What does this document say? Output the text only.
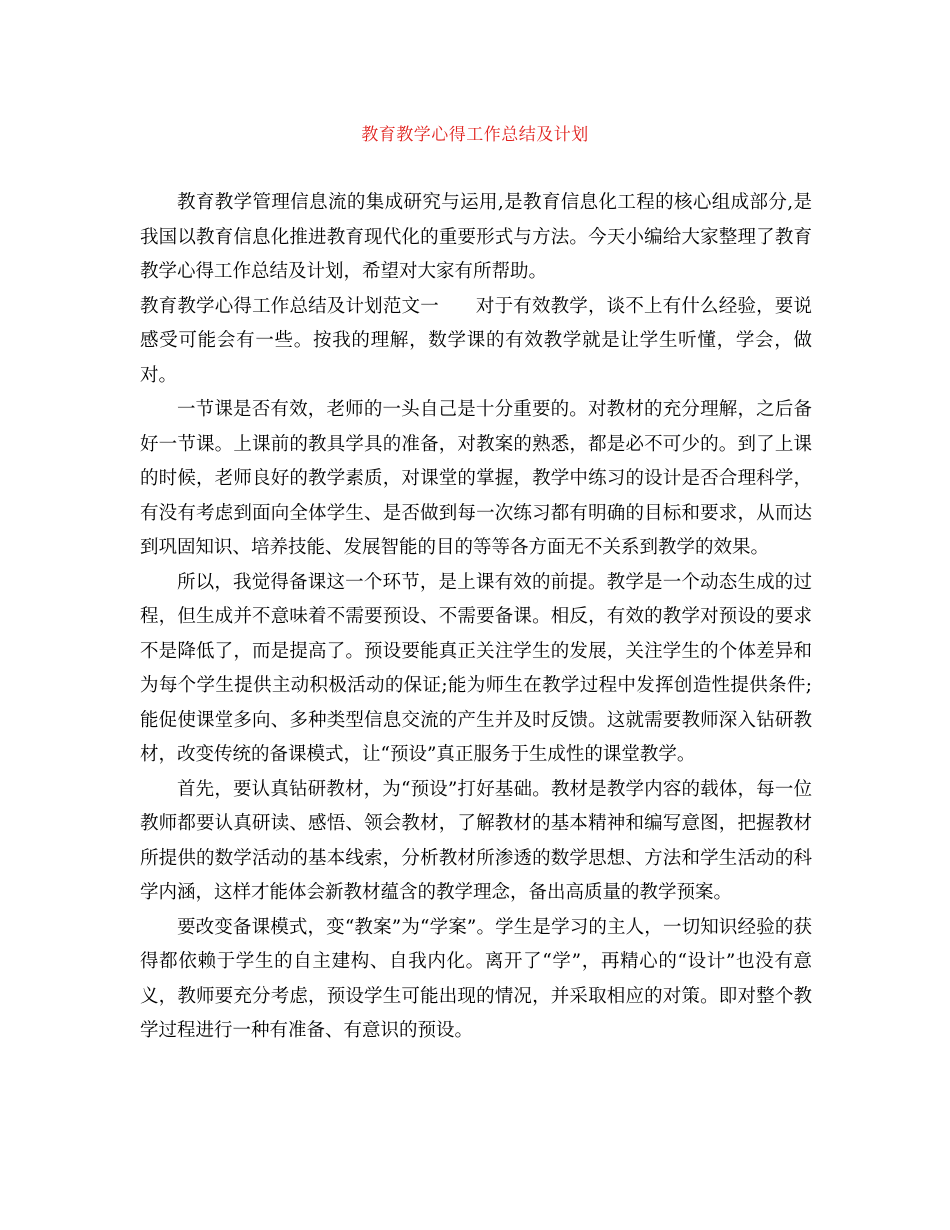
教育教学心得工作总结及计划

教育教学管理信息流的集成研究与运用,是教育信息化工程的核心组成部分,是我国以教育信息化推进教育现代化的重要形式与方法。今天小编给大家整理了教育教学心得工作总结及计划，希望对大家有所帮助。

教育教学心得工作总结及计划范文一 对于有效教学，谈不上有什么经验，要说感受可能会有一些。按我的理解，数学课的有效教学就是让学生听懂，学会，做对。

一节课是否有效，老师的一头自己是十分重要的。对教材的充分理解，之后备好一节课。上课前的教具学具的准备，对教案的熟悉，都是必不可少的。到了上课的时候，老师良好的教学素质，对课堂的掌握，教学中练习的设计是否合理科学，有没有考虑到面向全体学生、是否做到每一次练习都有明确的目标和要求，从而达到巩固知识、培养技能、发展智能的目的等等各方面无不关系到教学的效果。

所以，我觉得备课这一个环节，是上课有效的前提。教学是一个动态生成的过程，但生成并不意味着不需要预设、不需要备课。相反，有效的教学对预设的要求不是降低了，而是提高了。预设要能真正关注学生的发展，关注学生的个体差异和为每个学生提供主动积极活动的保证;能为师生在教学过程中发挥创造性提供条件;能促使课堂多向、多种类型信息交流的产生并及时反馈。这就需要教师深入钻研教材，改变传统的备课模式，让“预设”真正服务于生成性的课堂教学。

首先，要认真钻研教材，为“预设”打好基础。教材是教学内容的载体，每一位教师都要认真研读、感悟、领会教材，了解教材的基本精神和编写意图，把握教材所提供的数学活动的基本线索，分析教材所渗透的数学思想、方法和学生活动的科学内涵，这样才能体会新教材蕴含的教学理念，备出高质量的教学预案。

要改变备课模式，变“教案”为“学案”。学生是学习的主人，一切知识经验的获得都依赖于学生的自主建构、自我内化。离开了“学”，再精心的“设计”也没有意义，教师要充分考虑，预设学生可能出现的情况，并采取相应的对策。即对整个教学过程进行一种有准备、有意识的预设。
